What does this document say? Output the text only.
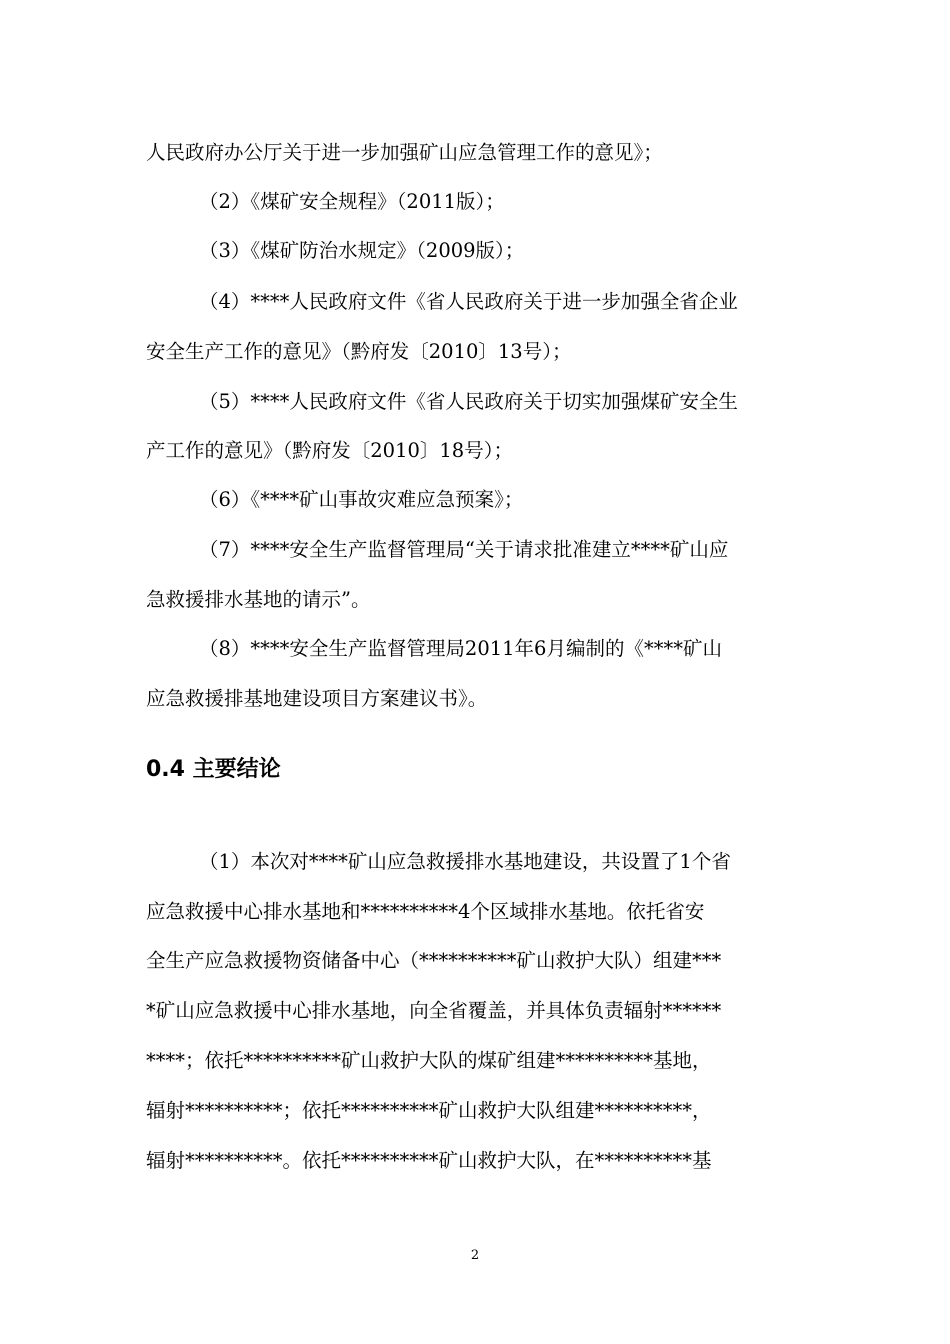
人民政府办公厅关于进一步加强矿山应急管理工作的意见》；
（2）《煤矿安全规程》（2011版）；
（3）《煤矿防治水规定》（2009版）；
（4）****人民政府文件《省人民政府关于进一步加强全省企业
安全生产工作的意见》（黔府发〔2010〕13号）；
（5）****人民政府文件《省人民政府关于切实加强煤矿安全生
产工作的意见》（黔府发〔2010〕18号）；
（6）《****矿山事故灾难应急预案》；
（7）****安全生产监督管理局“关于请求批准建立****矿山应
急救援排水基地的请示”。
（8）****安全生产监督管理局2011年6月编制的《****矿山
应急救援排基地建设项目方案建议书》。
0.4 主要结论
（1）本次对****矿山应急救援排水基地建设，共设置了1个省
应急救援中心排水基地和**********4个区域排水基地。依托省安
全生产应急救援物资储备中心（**********矿山救护大队）组建***
*矿山应急救援中心排水基地，向全省覆盖，并具体负责辐射******
****；依托**********矿山救护大队的煤矿组建**********基地，
辐射**********；依托**********矿山救护大队组建**********，
辐射**********。依托**********矿山救护大队，在**********基
2
